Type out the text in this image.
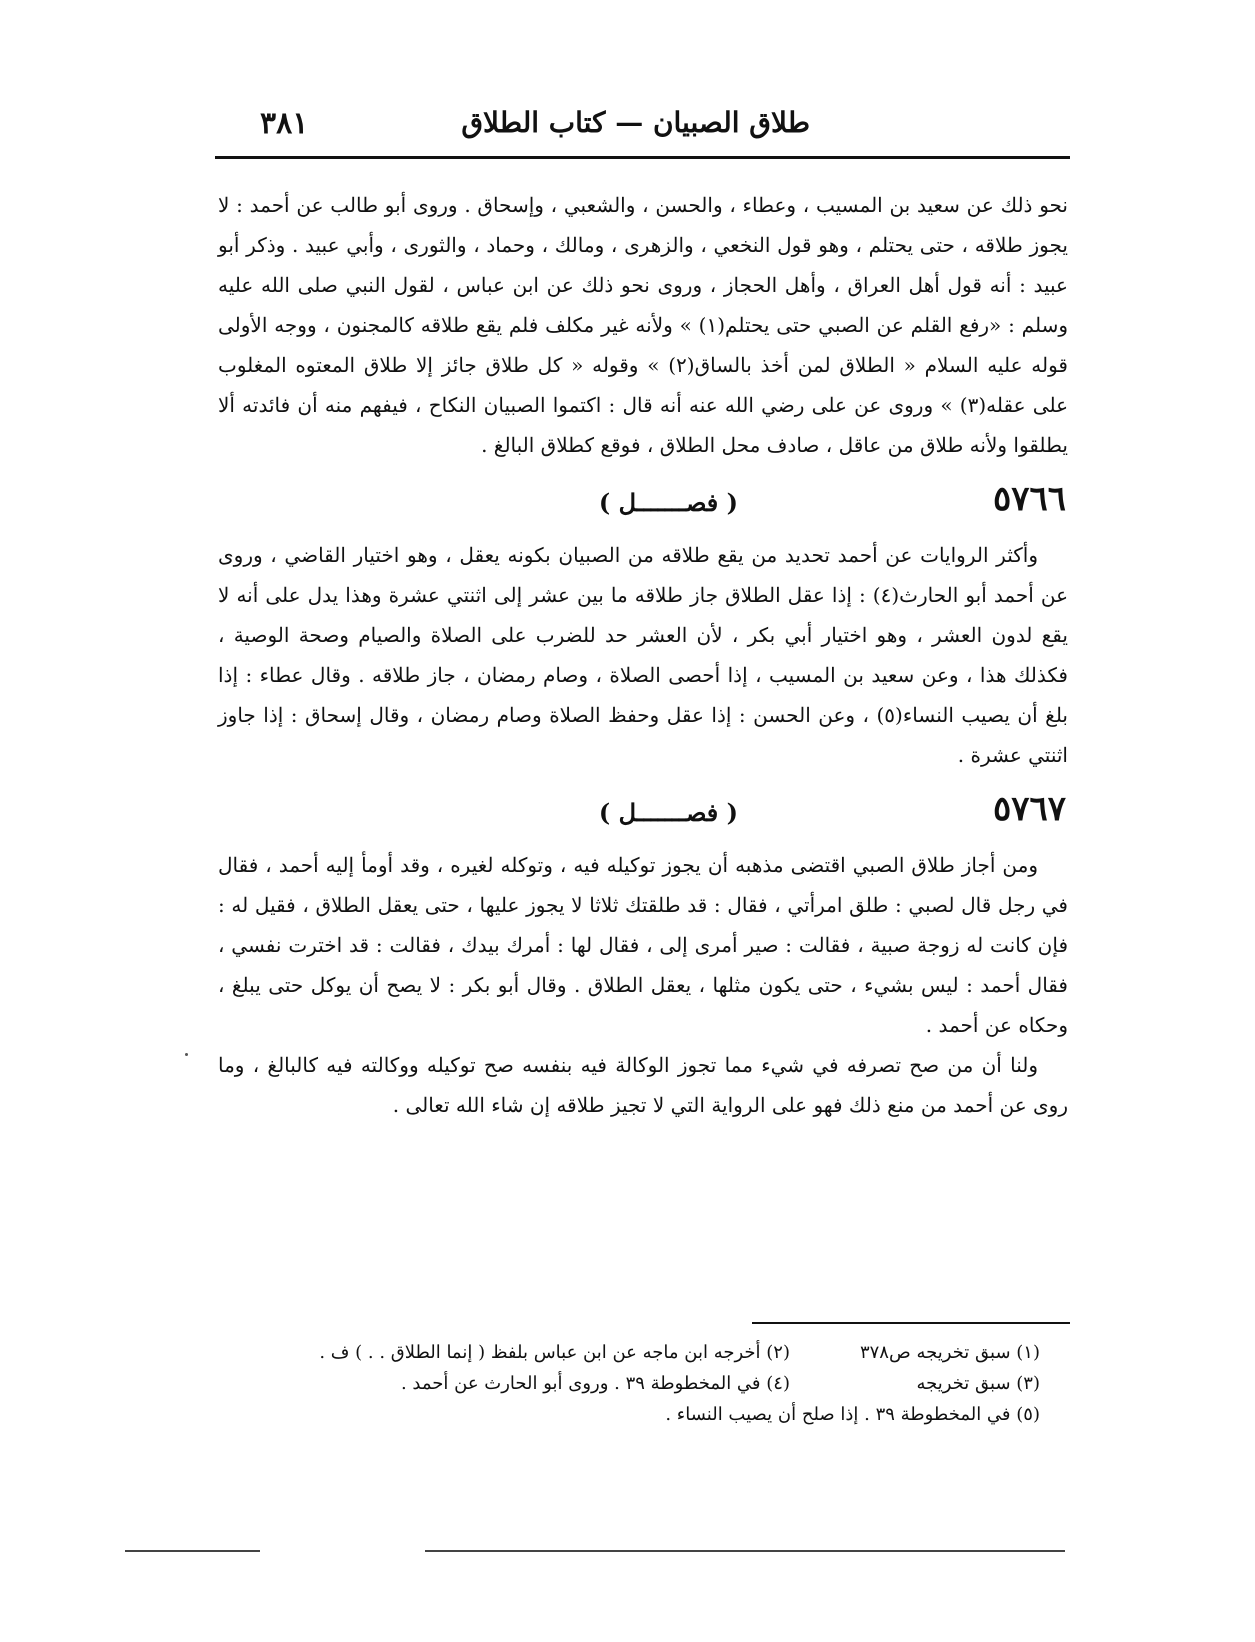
طلاق الصبيان — كتاب الطلاق
٣٨١

نحو ذلك عن سعيد بن المسيب ، وعطاء ، والحسن ، والشعبي ، وإسحاق . وروى أبو طالب عن أحمد : لا يجوز طلاقه ، حتى يحتلم ، وهو قول النخعي ، والزهرى ، ومالك ، وحماد ، والثورى ، وأبي عبيد . وذكر أبو عبيد : أنه قول أهل العراق ، وأهل الحجاز ، وروى نحو ذلك عن ابن عباس ، لقول النبي صلى الله عليه وسلم : «رفع القلم عن الصبي حتى يحتلم(١) » ولأنه غير مكلف فلم يقع طلاقه كالمجنون ، ووجه الأولى قوله عليه السلام « الطلاق لمن أخذ بالساق(٢) » وقوله « كل طلاق جائز إلا طلاق المعتوه المغلوب على عقله(٣) » وروى عن على رضي الله عنه أنه قال : اكتموا الصبيان النكاح ، فيفهم منه أن فائدته ألا يطلقوا ولأنه طلاق من عاقل ، صادف محل الطلاق ، فوقع كطلاق البالغ .

٥٧٦٦
( فصـــــــل )

وأكثر الروايات عن أحمد تحديد من يقع طلاقه من الصبيان بكونه يعقل ، وهو اختيار القاضي ، وروى عن أحمد أبو الحارث(٤) : إذا عقل الطلاق جاز طلاقه ما بين عشر إلى اثنتي عشرة وهذا يدل على أنه لا يقع لدون العشر ، وهو اختيار أبي بكر ، لأن العشر حد للضرب على الصلاة والصيام وصحة الوصية ، فكذلك هذا ، وعن سعيد بن المسيب ، إذا أحصى الصلاة ، وصام رمضان ، جاز طلاقه . وقال عطاء : إذا بلغ أن يصيب النساء(٥) ، وعن الحسن : إذا عقل وحفظ الصلاة وصام رمضان ، وقال إسحاق : إذا جاوز اثنتي عشرة .

٥٧٦٧
( فصـــــــل )

ومن أجاز طلاق الصبي اقتضى مذهبه أن يجوز توكيله فيه ، وتوكله لغيره ، وقد أومأ إليه أحمد ، فقال في رجل قال لصبي : طلق امرأتي ، فقال : قد طلقتك ثلاثا لا يجوز عليها ، حتى يعقل الطلاق ، فقيل له : فإن كانت له زوجة صبية ، فقالت : صير أمرى إلى ، فقال لها : أمرك بيدك ، فقالت : قد اخترت نفسي ، فقال أحمد : ليس بشيء ، حتى يكون مثلها ، يعقل الطلاق . وقال أبو بكر : لا يصح أن يوكل حتى يبلغ ، وحكاه عن أحمد .

ولنا أن من صح تصرفه في شيء مما تجوز الوكالة فيه بنفسه صح توكيله ووكالته فيه كالبالغ ، وما روى عن أحمد من منع ذلك فهو على الرواية التي لا تجيز طلاقه إن شاء الله تعالى .

(١) سبق تخريجه ص٣٧٨
(٢) أخرجه ابن ماجه عن ابن عباس بلفظ ( إنما الطلاق . . ) ف .
(٣) سبق تخريجه
(٤) في المخطوطة ٣٩ . وروى أبو الحارث عن أحمد .
(٥) في المخطوطة ٣٩ . إذا صلح أن يصيب النساء .
